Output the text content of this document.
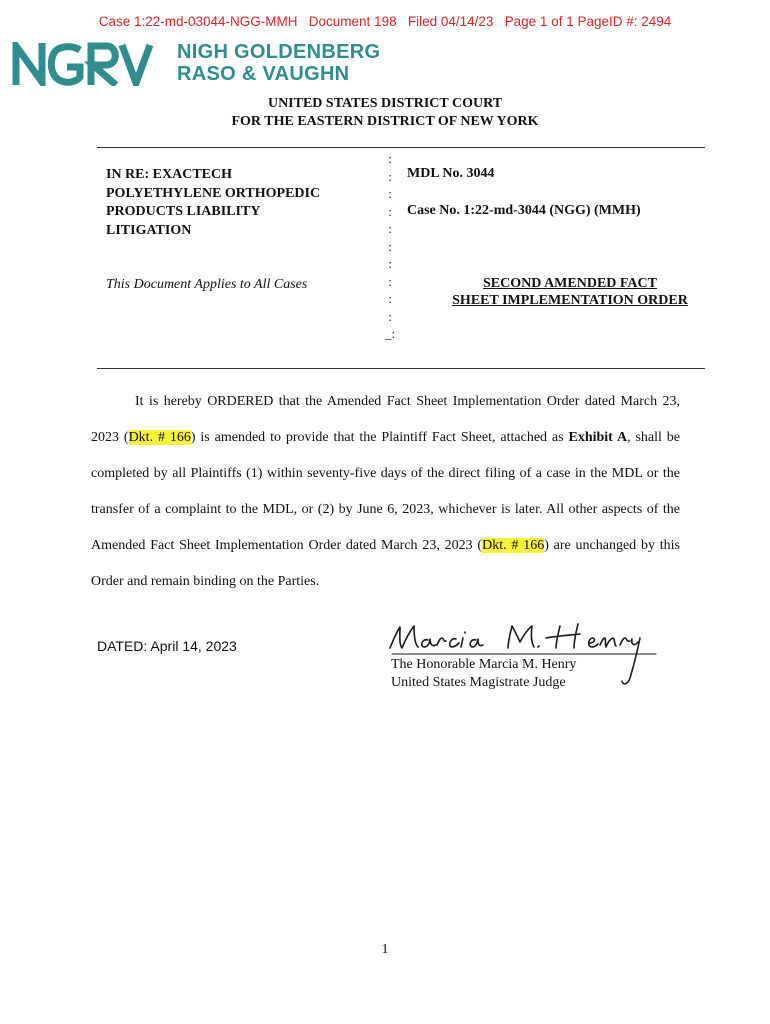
Case 1:22-md-03044-NGG-MMH   Document 198   Filed 04/14/23   Page 1 of 1 PageID #: 2494
NIGH GOLDENBERG
RASO & VAUGHN
UNITED STATES DISTRICT COURT
FOR THE EASTERN DISTRICT OF NEW YORK
IN RE: EXACTECH
POLYETHYLENE ORTHOPEDIC
PRODUCTS LIABILITY
LITIGATION
This Document Applies to All Cases
:
:
:
:
:
:
:
:
:
:
_:
MDL No. 3044
Case No. 1:22-md-3044 (NGG) (MMH)
SECOND AMENDED FACT
SHEET IMPLEMENTATION ORDER
It is hereby ORDERED that the Amended Fact Sheet Implementation Order dated March 23, 2023 (Dkt. # 166) is amended to provide that the Plaintiff Fact Sheet, attached as Exhibit A, shall be completed by all Plaintiffs (1) within seventy-five days of the direct filing of a case in the MDL or the transfer of a complaint to the MDL, or (2) by June 6, 2023, whichever is later. All other aspects of the Amended Fact Sheet Implementation Order dated March 23, 2023 (Dkt. # 166) are unchanged by this Order and remain binding on the Parties.
DATED: April 14, 2023
The Honorable Marcia M. Henry
United States Magistrate Judge
1
